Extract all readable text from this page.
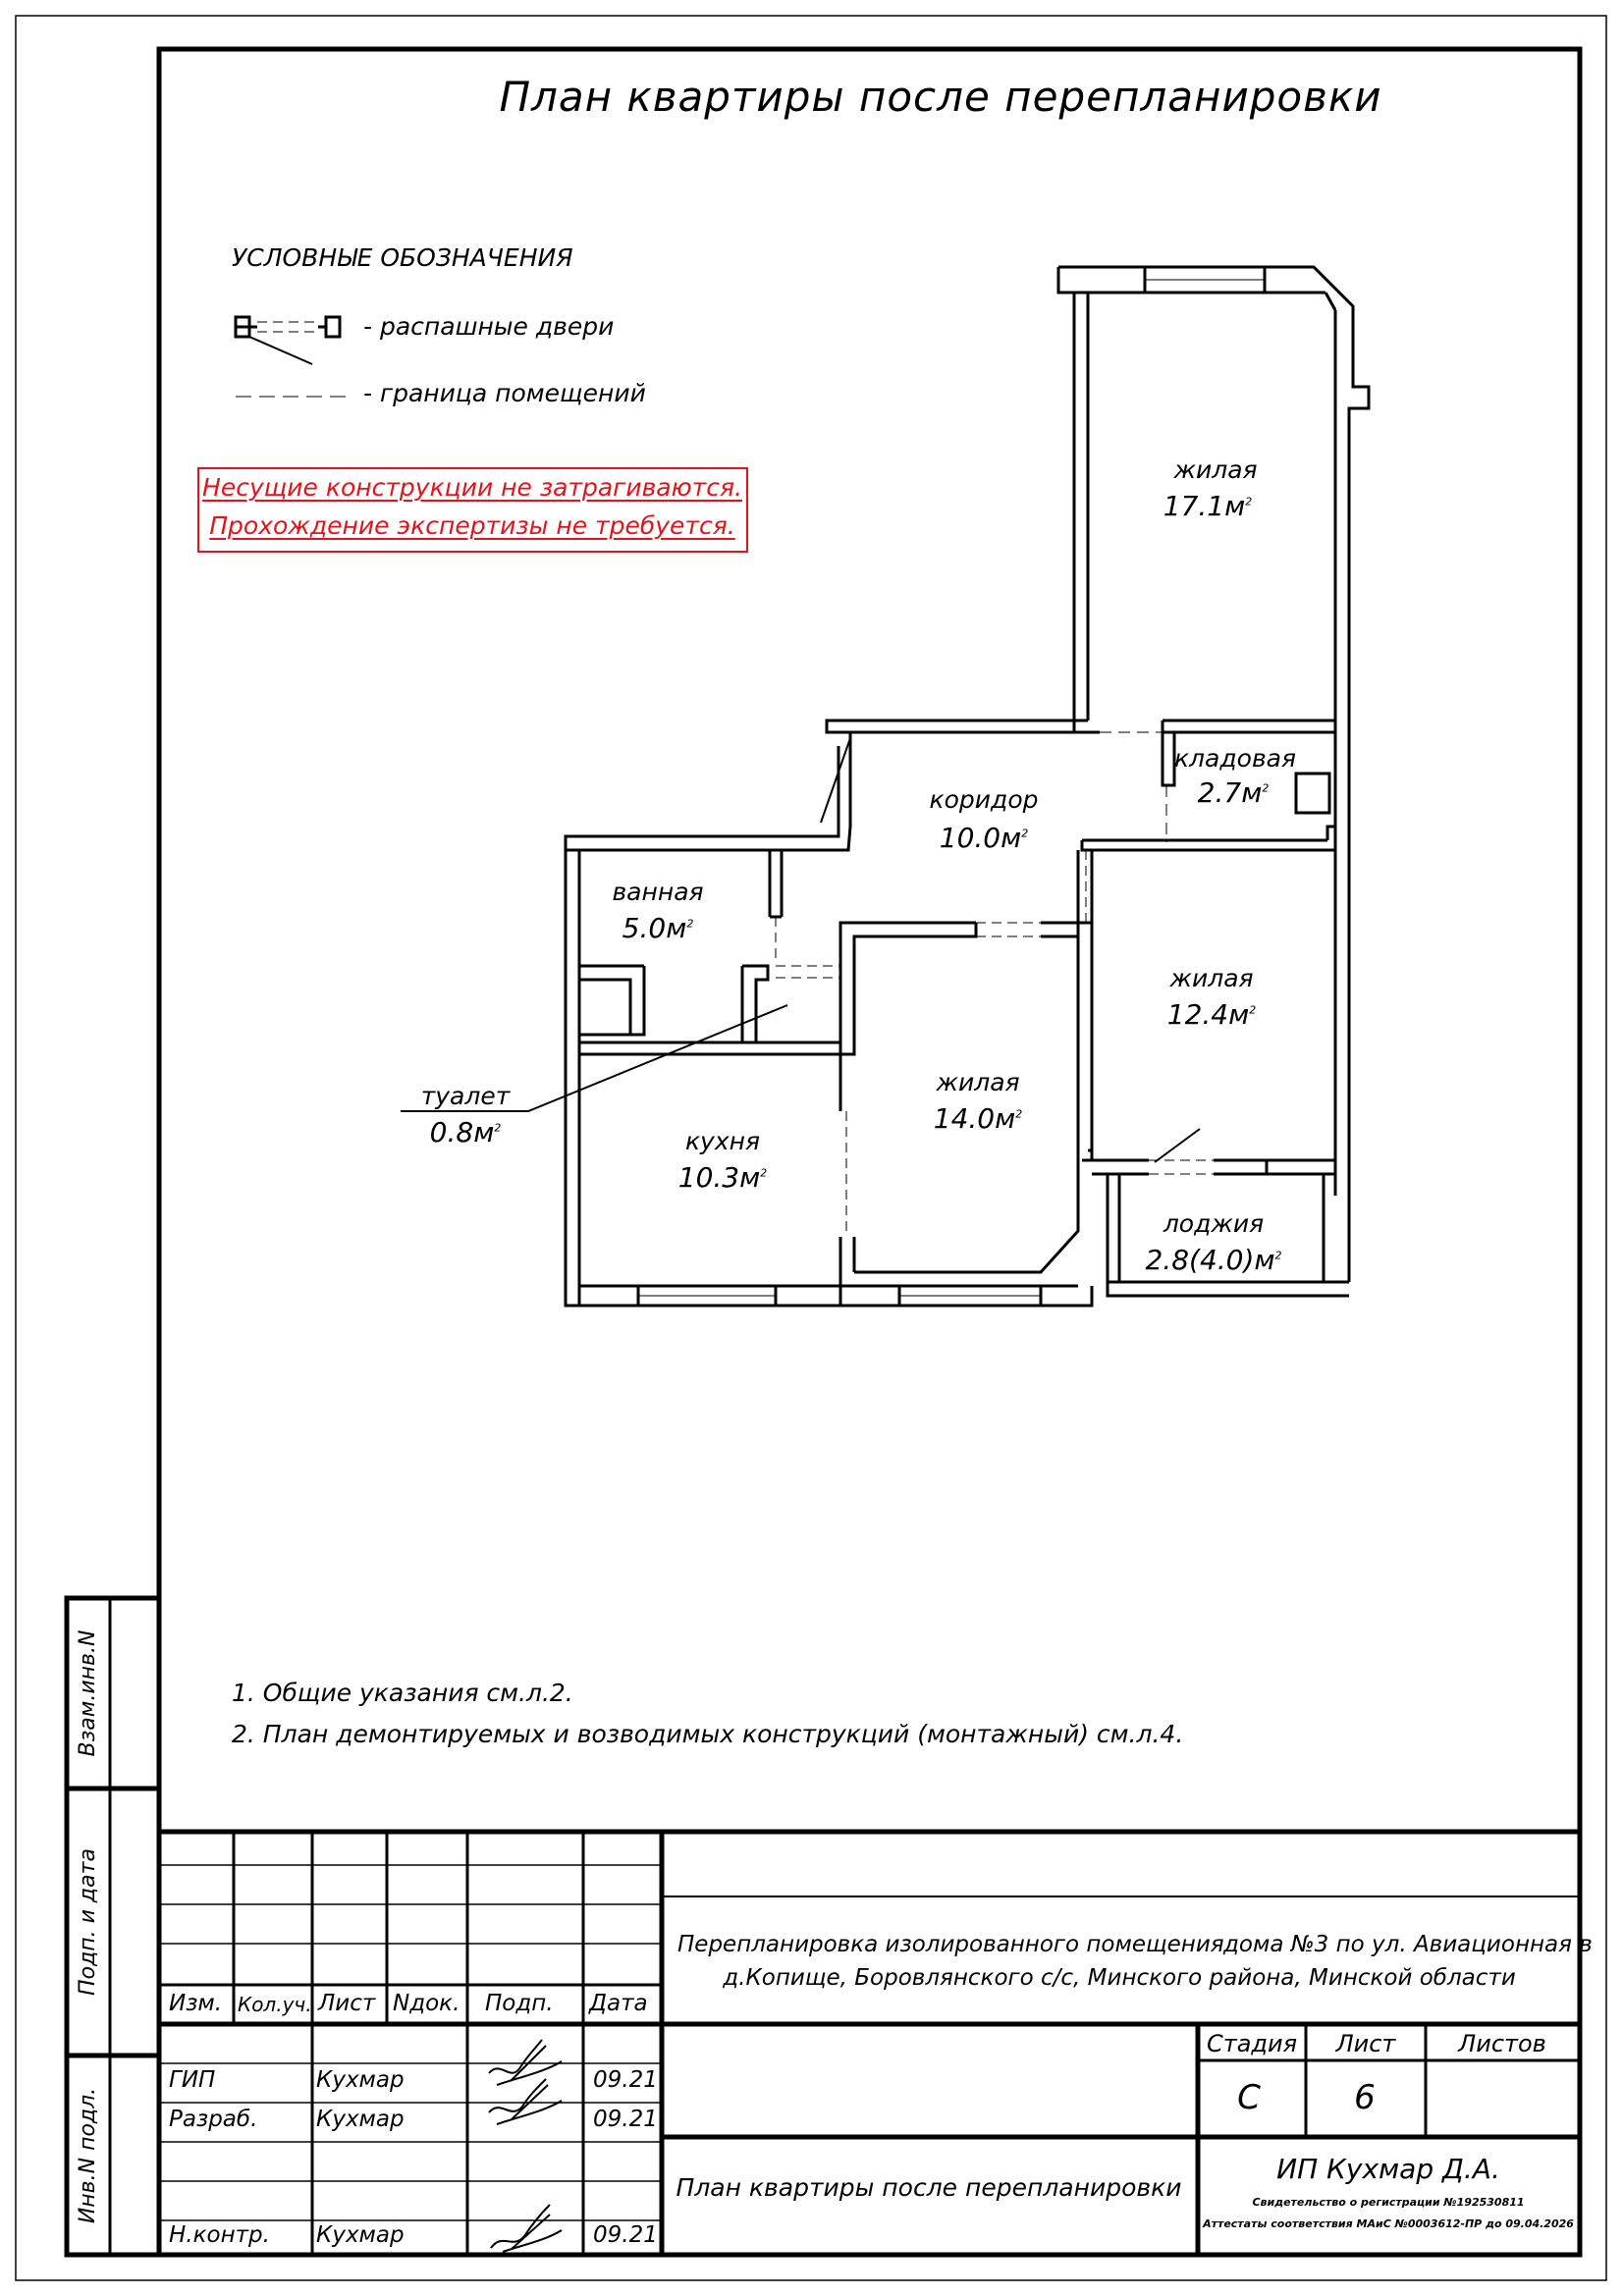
План квартиры после перепланировки
УСЛОВНЫЕ ОБОЗНАЧЕНИЯ
- распашные двери
- граница помещений
Несущие конструкции не затрагиваются.
Прохождение экспертизы не требуется.
жилая
$17.1м^2$
кладовая
$2.7м^2$
коридор
$10.0м^2$
ванная
$5.0м^2$
жилая
$12.4м^2$
жилая
$14.0м^2$
кухня
$10.3м^2$
туалет
$0.8м^2$
лоджия
$2.8(4.0)м^2$
1. Общие указания см.л.2.
2. План демонтируемых и возводимых конструкций (монтажный) см.л.4.
Взам.инв.N
Подп. и дата
Инв.N подл.
Изм. Кол.уч. Лист Nдок. Подп. Дата
ГИП	Кухмар	09.21
Разраб.	Кухмар	09.21
Н.контр. Кухмар	09.21
Перепланировка изолированного помещения дома №3 по ул. Авиационная в
д.Копище, Боровлянского с/с, Минского района, Минской области
Стадия Лист	Листов
С	6
План квартиры после перепланировки
ИП Кухмар Д.А.
Свидетельство о регистрации №192530811
Аттестаты соответствия МАиС №0003612-ПР до 09.04.2026
